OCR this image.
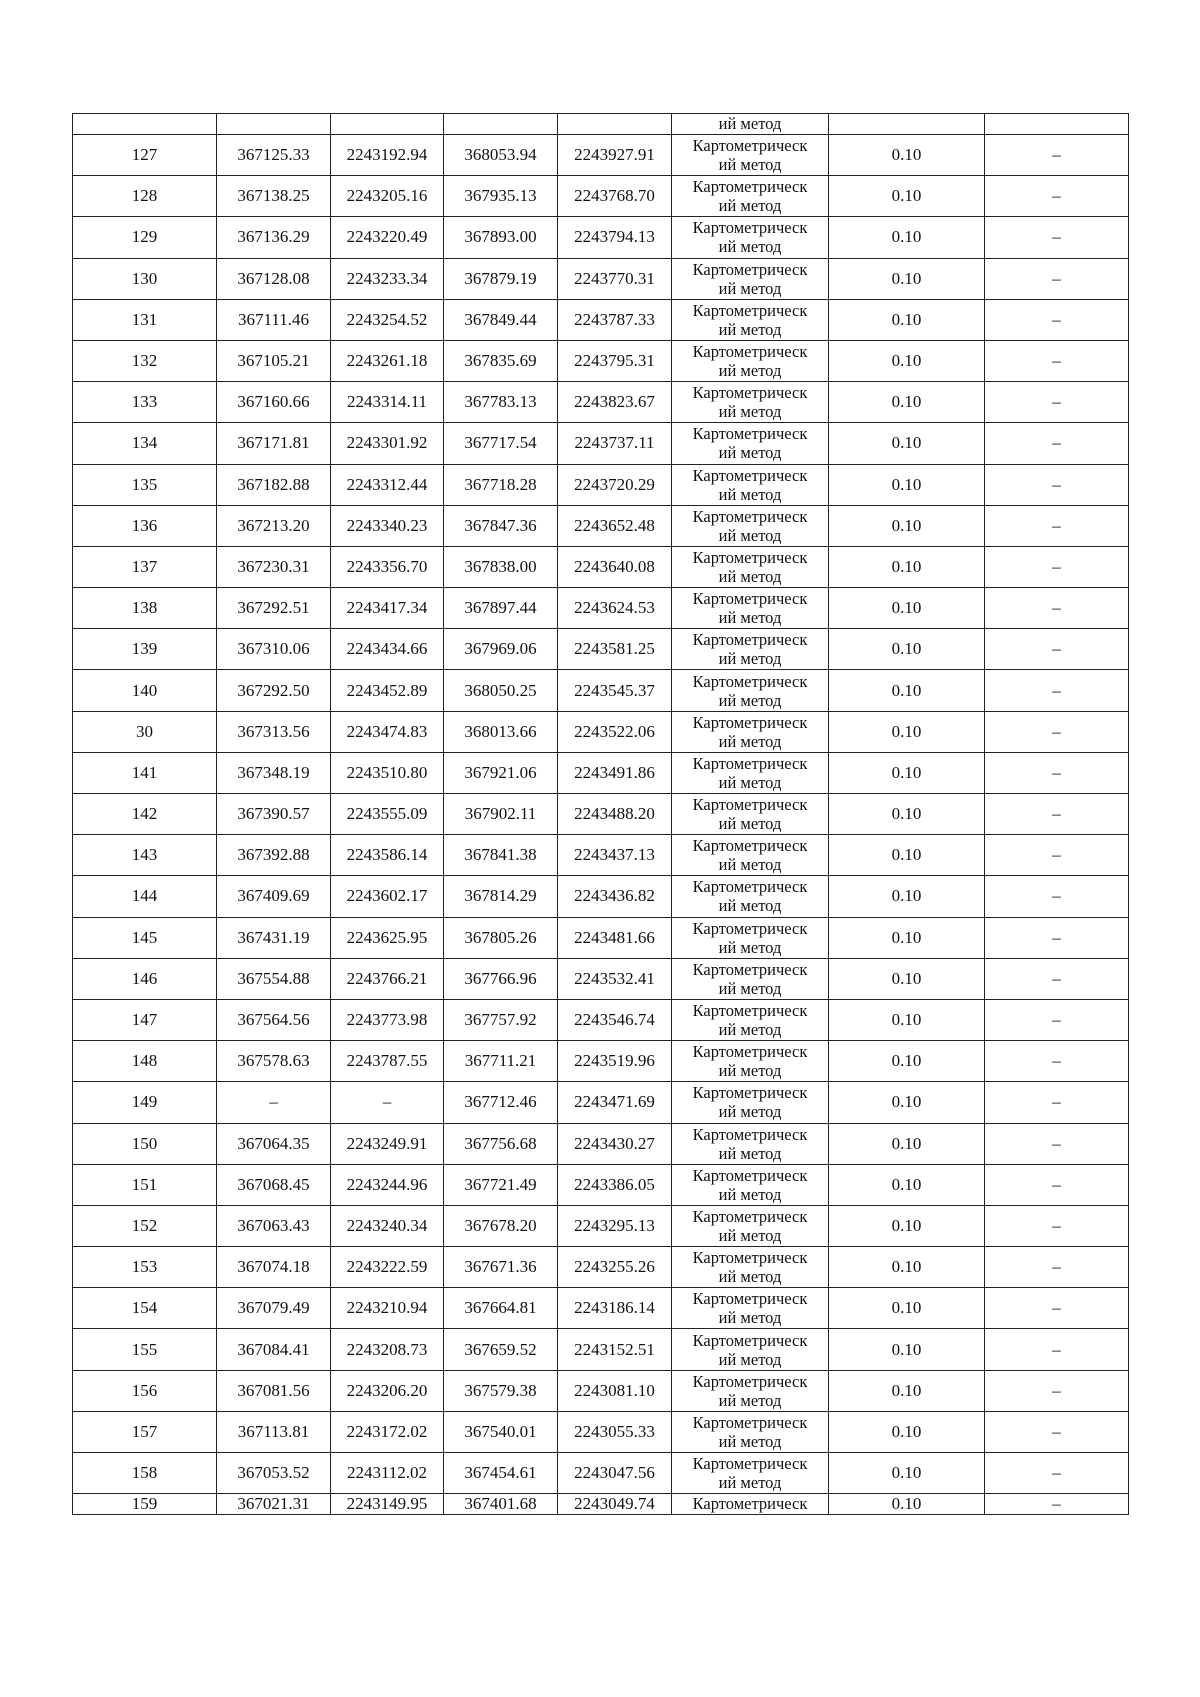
					ий метод		

127	367125.33	2243192.94	368053.94	2243927.91	Картометрическ
ий метод	0.10	–
128	367138.25	2243205.16	367935.13	2243768.70	Картометрическ
ий метод	0.10	–
129	367136.29	2243220.49	367893.00	2243794.13	Картометрическ
ий метод	0.10	–
130	367128.08	2243233.34	367879.19	2243770.31	Картометрическ
ий метод	0.10	–
131	367111.46	2243254.52	367849.44	2243787.33	Картометрическ
ий метод	0.10	–
132	367105.21	2243261.18	367835.69	2243795.31	Картометрическ
ий метод	0.10	–
133	367160.66	2243314.11	367783.13	2243823.67	Картометрическ
ий метод	0.10	–
134	367171.81	2243301.92	367717.54	2243737.11	Картометрическ
ий метод	0.10	–
135	367182.88	2243312.44	367718.28	2243720.29	Картометрическ
ий метод	0.10	–
136	367213.20	2243340.23	367847.36	2243652.48	Картометрическ
ий метод	0.10	–
137	367230.31	2243356.70	367838.00	2243640.08	Картометрическ
ий метод	0.10	–
138	367292.51	2243417.34	367897.44	2243624.53	Картометрическ
ий метод	0.10	–
139	367310.06	2243434.66	367969.06	2243581.25	Картометрическ
ий метод	0.10	–
140	367292.50	2243452.89	368050.25	2243545.37	Картометрическ
ий метод	0.10	–
30	367313.56	2243474.83	368013.66	2243522.06	Картометрическ
ий метод	0.10	–
141	367348.19	2243510.80	367921.06	2243491.86	Картометрическ
ий метод	0.10	–
142	367390.57	2243555.09	367902.11	2243488.20	Картометрическ
ий метод	0.10	–
143	367392.88	2243586.14	367841.38	2243437.13	Картометрическ
ий метод	0.10	–
144	367409.69	2243602.17	367814.29	2243436.82	Картометрическ
ий метод	0.10	–
145	367431.19	2243625.95	367805.26	2243481.66	Картометрическ
ий метод	0.10	–
146	367554.88	2243766.21	367766.96	2243532.41	Картометрическ
ий метод	0.10	–
147	367564.56	2243773.98	367757.92	2243546.74	Картометрическ
ий метод	0.10	–
148	367578.63	2243787.55	367711.21	2243519.96	Картометрическ
ий метод	0.10	–
149	–	–	367712.46	2243471.69	Картометрическ
ий метод	0.10	–
150	367064.35	2243249.91	367756.68	2243430.27	Картометрическ
ий метод	0.10	–
151	367068.45	2243244.96	367721.49	2243386.05	Картометрическ
ий метод	0.10	–
152	367063.43	2243240.34	367678.20	2243295.13	Картометрическ
ий метод	0.10	–
153	367074.18	2243222.59	367671.36	2243255.26	Картометрическ
ий метод	0.10	–
154	367079.49	2243210.94	367664.81	2243186.14	Картометрическ
ий метод	0.10	–
155	367084.41	2243208.73	367659.52	2243152.51	Картометрическ
ий метод	0.10	–
156	367081.56	2243206.20	367579.38	2243081.10	Картометрическ
ий метод	0.10	–
157	367113.81	2243172.02	367540.01	2243055.33	Картометрическ
ий метод	0.10	–
158	367053.52	2243112.02	367454.61	2243047.56	Картометрическ
ий метод	0.10	–
159	367021.31	2243149.95	367401.68	2243049.74	Картометрическ	0.10	–
